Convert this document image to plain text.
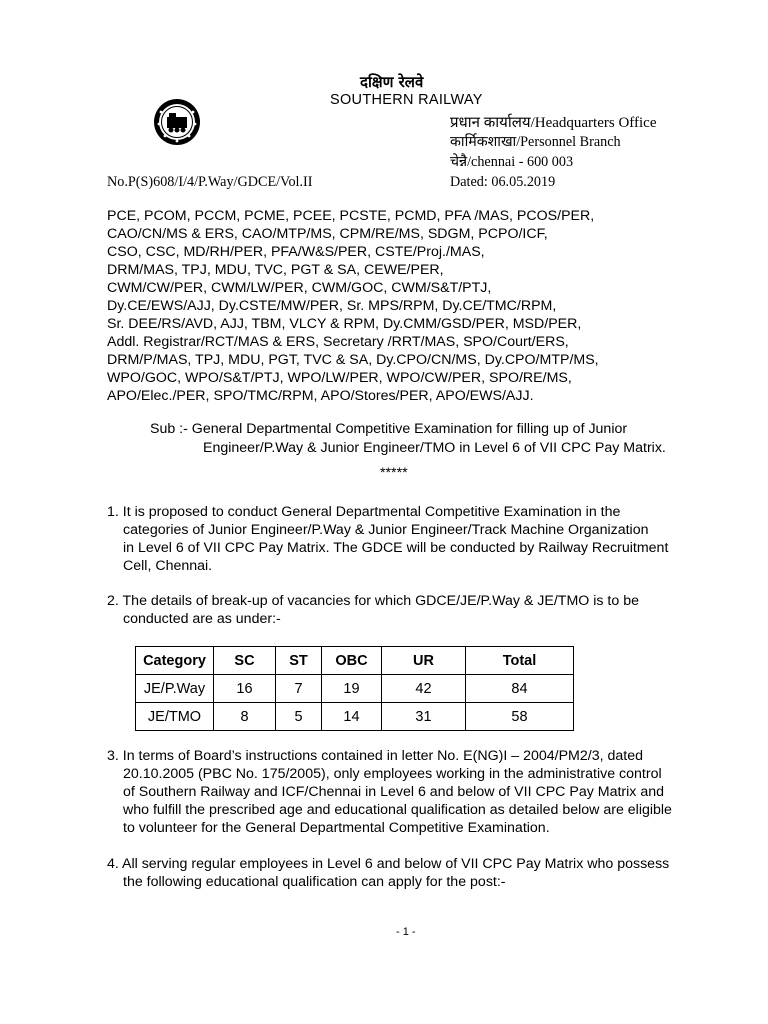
दक्षिण रेलवे
SOUTHERN RAILWAY
प्रधान कार्यालय/Headquarters Office
कार्मिकशाखा/Personnel Branch
चेन्नै/chennai - 600 003
No.P(S)608/I/4/P.Way/GDCE/Vol.II	Dated: 06.05.2019
PCE, PCOM, PCCM, PCME, PCEE, PCSTE, PCMD, PFA /MAS, PCOS/PER,
CAO/CN/MS & ERS, CAO/MTP/MS, CPM/RE/MS, SDGM, PCPO/ICF,
CSO, CSC, MD/RH/PER, PFA/W&S/PER, CSTE/Proj./MAS,
DRM/MAS, TPJ, MDU, TVC, PGT & SA, CEWE/PER,
CWM/CW/PER, CWM/LW/PER, CWM/GOC, CWM/S&T/PTJ,
Dy.CE/EWS/AJJ, Dy.CSTE/MW/PER, Sr. MPS/RPM, Dy.CE/TMC/RPM,
Sr. DEE/RS/AVD, AJJ, TBM, VLCY & RPM, Dy.CMM/GSD/PER, MSD/PER,
Addl. Registrar/RCT/MAS & ERS, Secretary /RRT/MAS, SPO/Court/ERS,
DRM/P/MAS, TPJ, MDU, PGT, TVC & SA, Dy.CPO/CN/MS, Dy.CPO/MTP/MS,
WPO/GOC, WPO/S&T/PTJ, WPO/LW/PER, WPO/CW/PER, SPO/RE/MS,
APO/Elec./PER, SPO/TMC/RPM, APO/Stores/PER, APO/EWS/AJJ.
Sub :- General Departmental Competitive Examination for filling up of Junior
Engineer/P.Way & Junior Engineer/TMO in Level 6 of VII CPC Pay Matrix.
*****
1. It is proposed to conduct General Departmental Competitive Examination in the
categories of Junior Engineer/P.Way & Junior Engineer/Track Machine Organization
in Level 6 of VII CPC Pay Matrix. The GDCE will be conducted by Railway Recruitment
Cell, Chennai.
2. The details of break-up of vacancies for which GDCE/JE/P.Way & JE/TMO is to be
conducted are as under:-
Category	SC	ST	OBC	UR	Total
JE/P.Way	16	7	19	42	84
JE/TMO	8	5	14	31	58
3. In terms of Board’s instructions contained in letter No. E(NG)I – 2004/PM2/3, dated
20.10.2005 (PBC No. 175/2005), only employees working in the administrative control
of Southern Railway and ICF/Chennai in Level 6 and below of VII CPC Pay Matrix and
who fulfill the prescribed age and educational qualification as detailed below are eligible
to volunteer for the General Departmental Competitive Examination.
4. All serving regular employees in Level 6 and below of VII CPC Pay Matrix who possess
the following educational qualification can apply for the post:-
- 1 -
